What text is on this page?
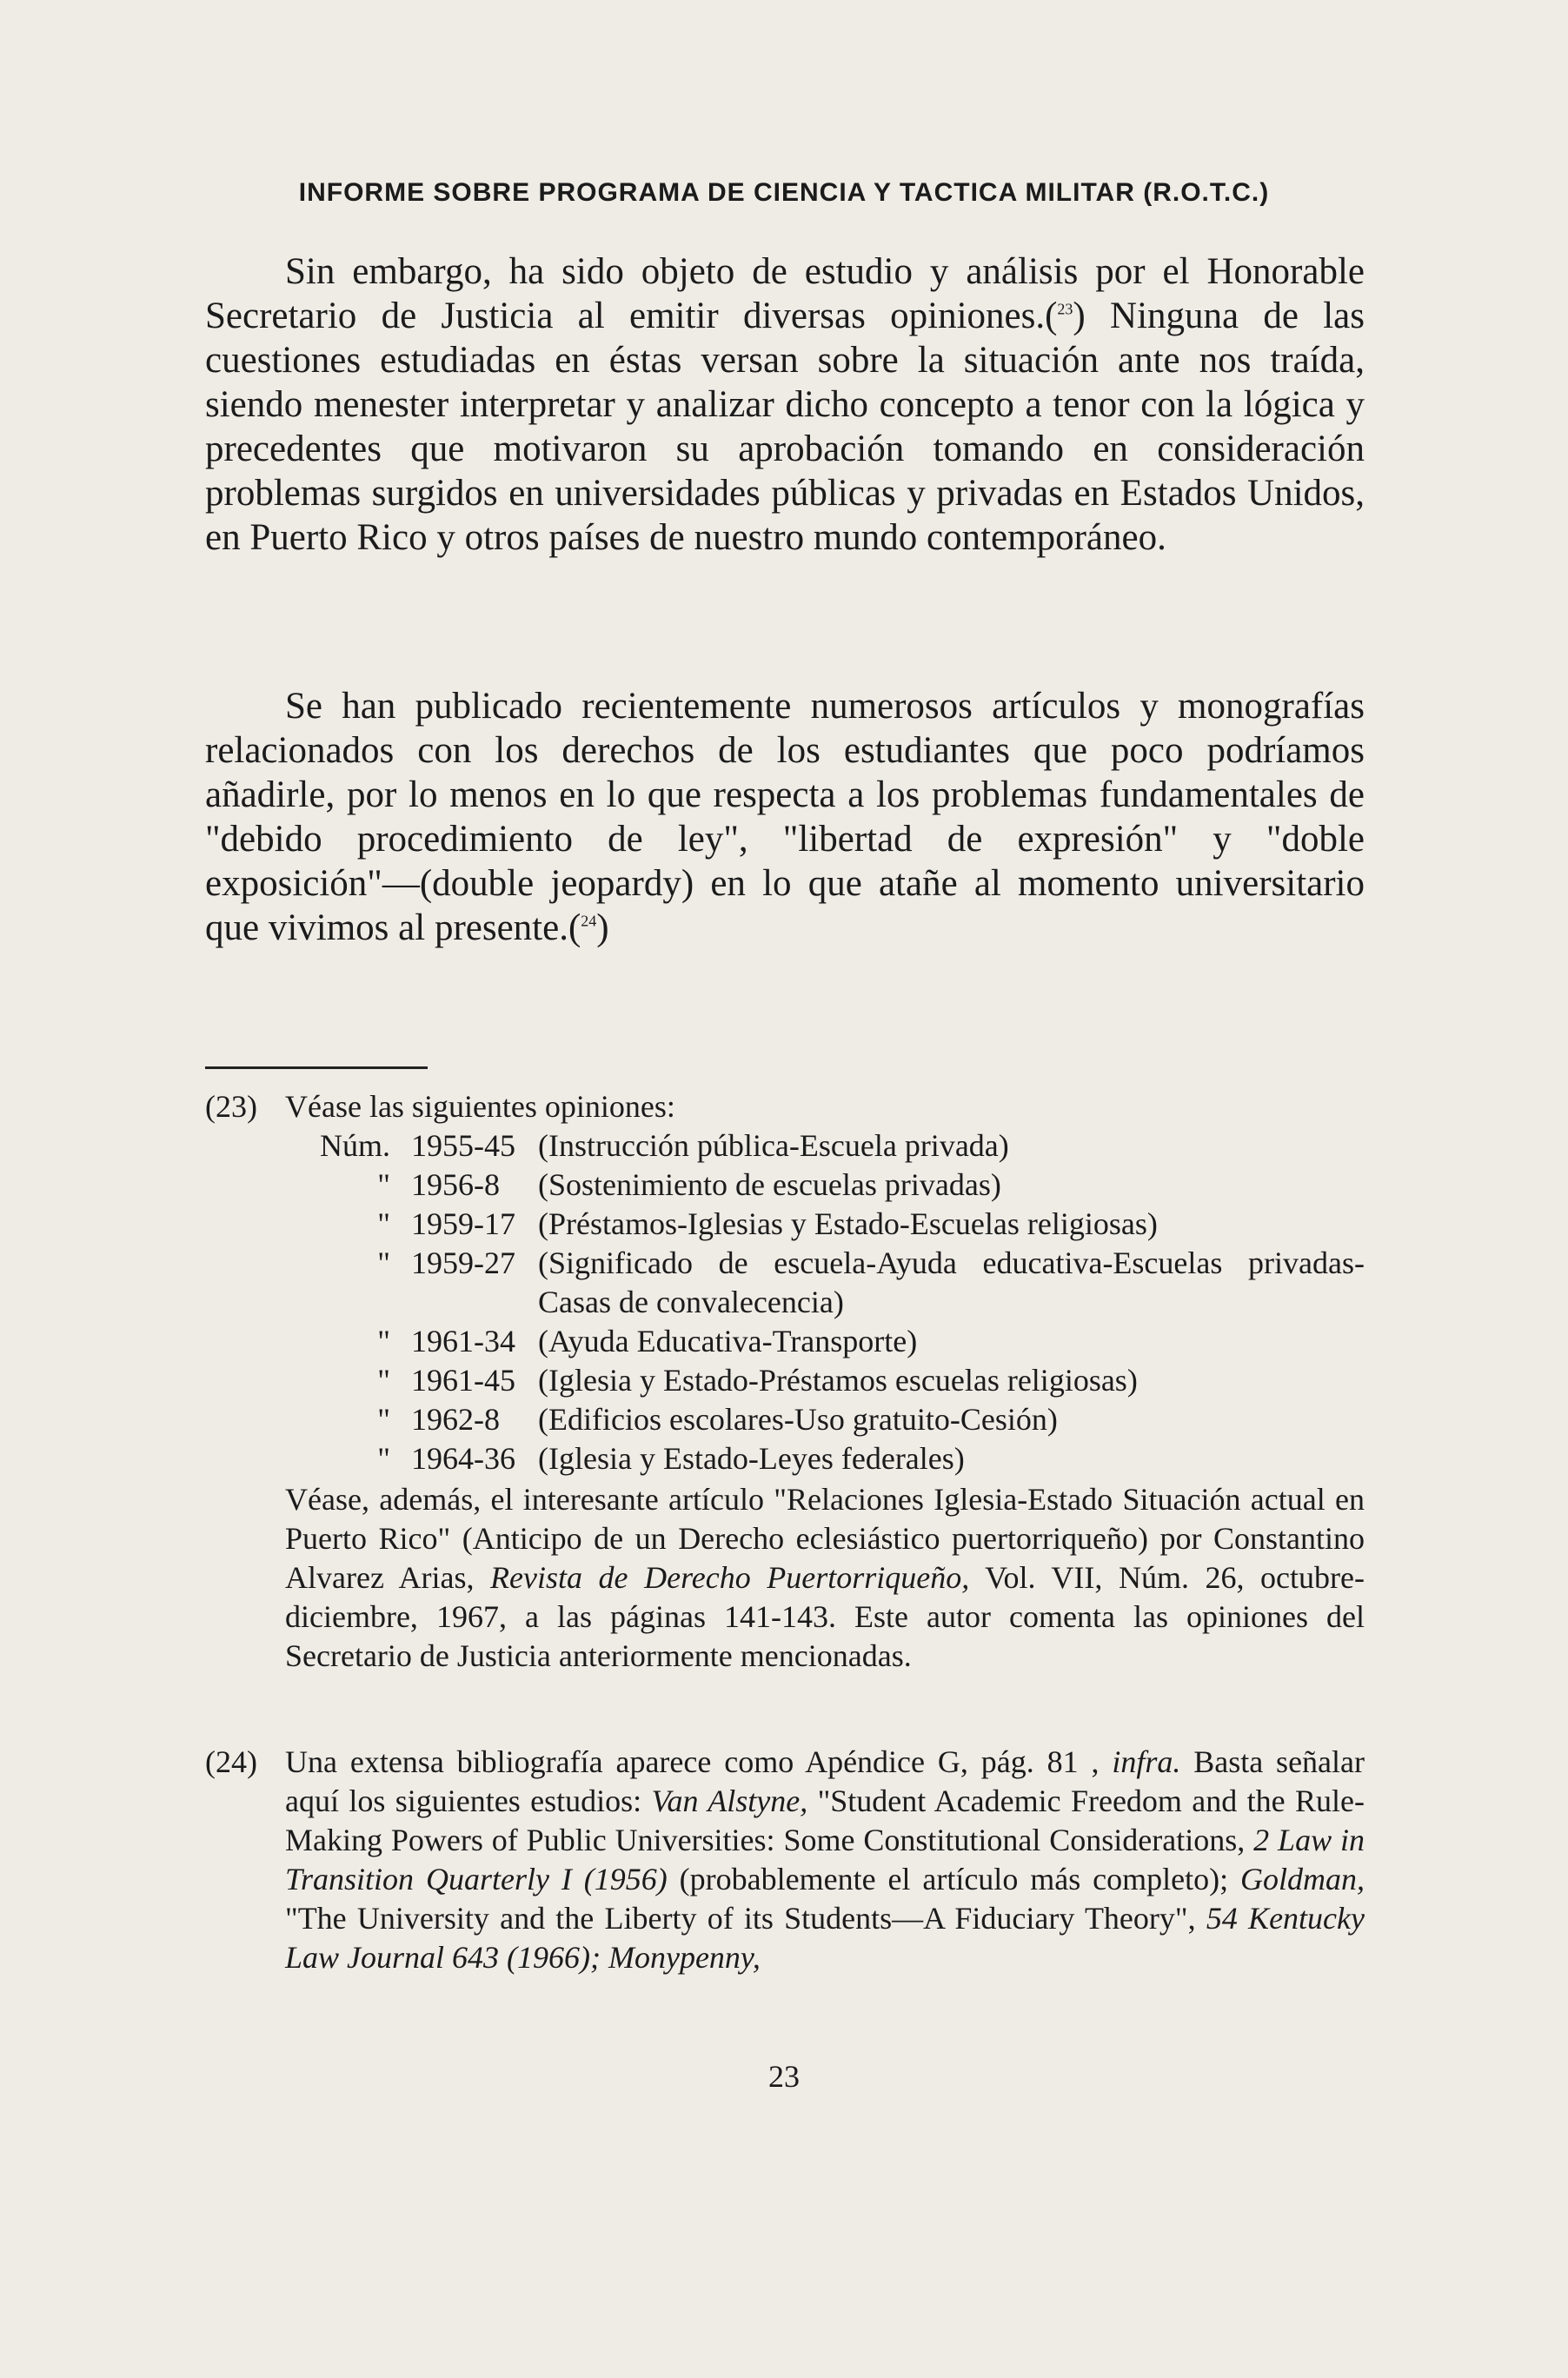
INFORME SOBRE PROGRAMA DE CIENCIA Y TACTICA MILITAR (R.O.T.C.)

Sin embargo, ha sido objeto de estudio y análisis por el Honorable Secretario de Justicia al emitir diversas opiniones.($^{23}$) Ninguna de las cuestiones estudiadas en éstas versan sobre la situación ante nos traída, siendo menester interpretar y analizar dicho concepto a tenor con la lógica y precedentes que motivaron su aprobación tomando en consideración problemas surgidos en universidades públicas y privadas en Estados Unidos, en Puerto Rico y otros países de nuestro mundo contemporáneo.

Se han publicado recientemente numerosos artículos y monografías relacionados con los derechos de los estudiantes que poco podríamos añadirle, por lo menos en lo que respecta a los problemas fundamentales de "debido procedimiento de ley", "libertad de expresión" y "doble exposición"—(double jeopardy) en lo que atañe al momento universitario que vivimos al presente.($^{24}$)

(23) Véase las siguientes opiniones:
Núm. 1955-45 (Instrucción pública-Escuela privada)
" 1956-8	(Sostenimiento de escuelas privadas)
" 1959-17 (Préstamos-Iglesias y Estado-Escuelas religiosas)
" 1959-27 (Significado de escuela-Ayuda educativa-Escuelas privadas-Casas de convalecencia)
" 1961-34 (Ayuda Educativa-Transporte)
" 1961-45 (Iglesia y Estado-Préstamos escuelas religiosas)
" 1962-8	(Edificios escolares-Uso gratuito-Cesión)
" 1964-36 (Iglesia y Estado-Leyes federales)
Véase, además, el interesante artículo "Relaciones Iglesia-Estado Situación actual en Puerto Rico" (Anticipo de un Derecho eclesiástico puertorriqueño) por Constantino Alvarez Arias, Revista de Derecho Puertorriqueño, Vol. VII, Núm. 26, octubre-diciembre, 1967, a las páginas 141-143. Este autor comenta las opiniones del Secretario de Justicia anteriormente mencionadas.
(24) Una extensa bibliografía aparece como Apéndice G, pág. 81 , infra. Basta señalar aquí los siguientes estudios: Van Alstyne, "Student Academic Freedom and the Rule-Making Powers of Public Universities: Some Constitutional Considerations, 2 Law in Transition Quarterly I (1956) (probablemente el artículo más completo); Goldman, "The University and the Liberty of its Students—A Fiduciary Theory", 54 Kentucky Law Journal 643 (1966); Monypenny,
23
